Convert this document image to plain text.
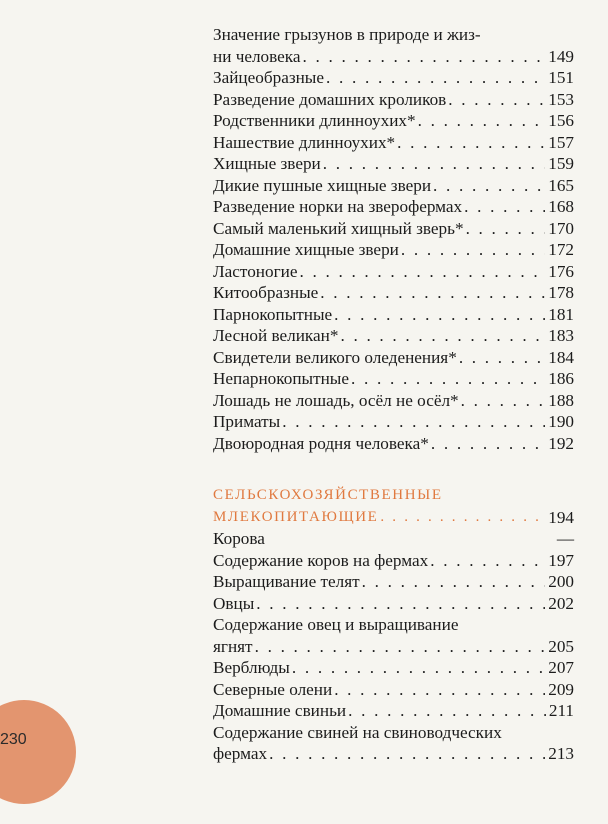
230
Значение грызунов в природе и жиз-
ни человека . . .	149
Зайцеобразные . . .	151
Разведение домашних кроликов . . .	153
Родственники длинноухих* . . .	156
Нашествие длинноухих* . . .	157
Хищные звери . . .	159
Дикие пушные хищные звери . . .	165
Разведение норки на зверофермах . . .	168
Самый маленький хищный зверь* . . .	170
Домашние хищные звери . . .	172
Ластоногие . . .	176
Китообразные . . .	178
Парнокопытные . . .	181
Лесной великан* . . .	183
Свидетели великого оледенения* . . .	184
Непарнокопытные . . .	186
Лошадь не лошадь, осёл не осёл* . . .	188
Приматы . . .	190
Двоюродная родня человека* . . .	192
СЕЛЬСКОХОЗЯЙСТВЕННЫЕ
МЛЕКОПИТАЮЩИЕ . . .	194
Корова	—
Содержание коров на фермах . . .	197
Выращивание телят . . .	200
Овцы . . .	202
Содержание овец и выращивание
ягнят . . .	205
Верблюды . . .	207
Северные олени . . .	209
Домашние свиньи . . .	211
Содержание свиней на свиноводческих
фермах . . .	213
